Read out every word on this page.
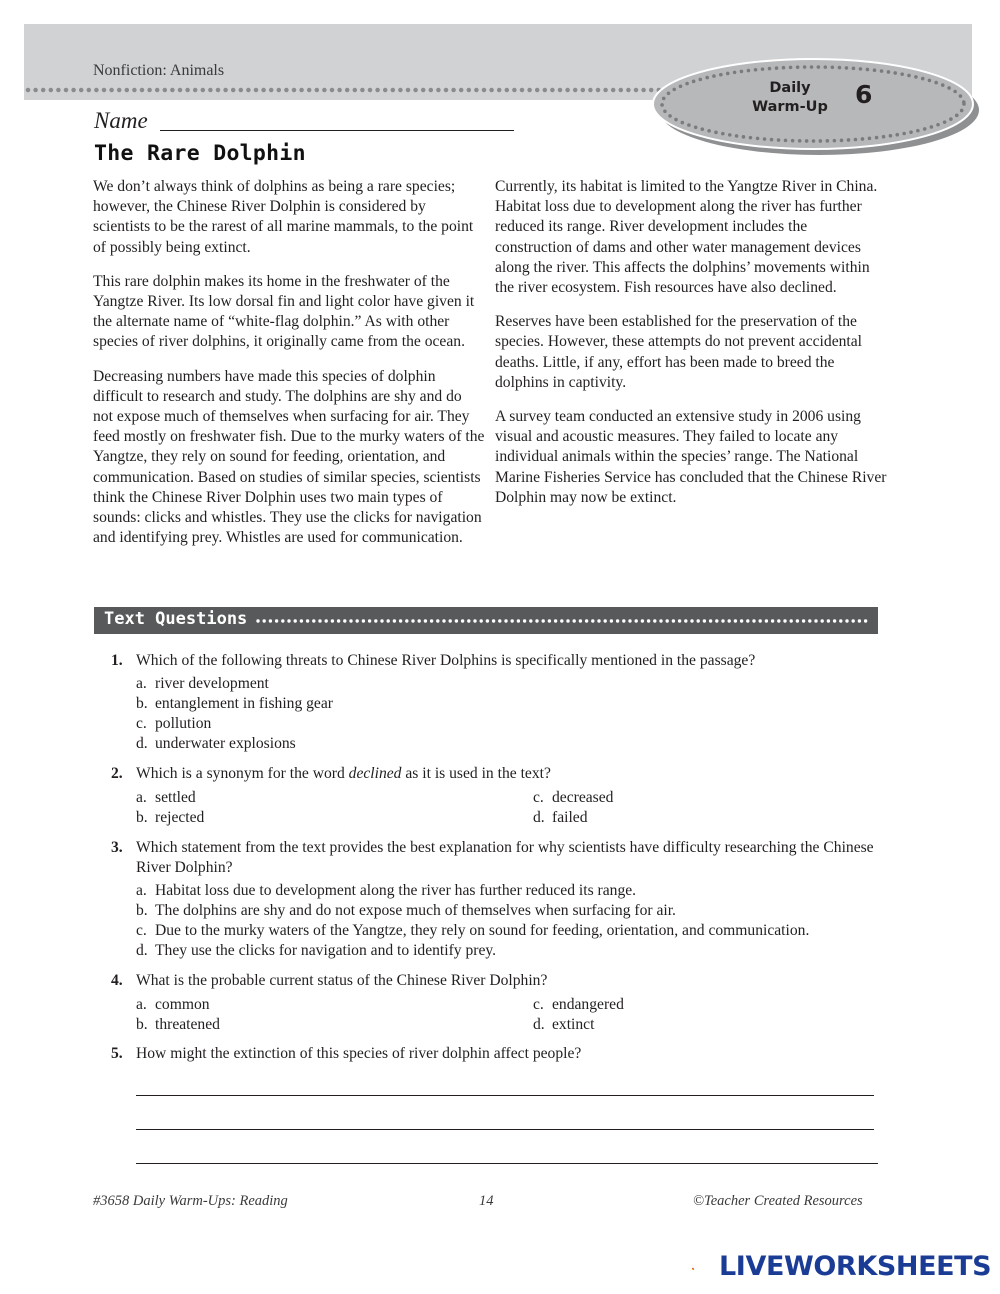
Nonfiction: Animals
Daily
Warm-Up	6
Name
The Rare Dolphin

We don’t always think of dolphins as being a rare species; however, the Chinese River Dolphin is considered by scientists to be the rarest of all marine mammals, to the point of possibly being extinct.

This rare dolphin makes its home in the freshwater of the Yangtze River. Its low dorsal fin and light color have given it the alternate name of “white-flag dolphin.” As with other species of river dolphins, it originally came from the ocean.

Decreasing numbers have made this species of dolphin difficult to research and study. The dolphins are shy and do not expose much of themselves when surfacing for air. They feed mostly on freshwater fish. Due to the murky waters of the Yangtze, they rely on sound for feeding, orientation, and communication. Based on studies of similar species, scientists think the Chinese River Dolphin uses two main types of sounds: clicks and whistles. They use the clicks for navigation and identifying prey. Whistles are used for communication.

Currently, its habitat is limited to the Yangtze River in China. Habitat loss due to development along the river has further reduced its range. River development includes the construction of dams and other water management devices along the river. This affects the dolphins’ movements within the river ecosystem. Fish resources have also declined.

Reserves have been established for the preservation of the species. However, these attempts do not prevent accidental deaths. Little, if any, effort has been made to breed the dolphins in captivity.

A survey team conducted an extensive study in 2006 using visual and acoustic measures. They failed to locate any individual animals within the species’ range. The National Marine Fisheries Service has concluded that the Chinese River Dolphin may now be extinct.

Text Questions
1. Which of the following threats to Chinese River Dolphins is specifically mentioned in the passage?
a. river development
b. entanglement in fishing gear
c. pollution
d. underwater explosions
2. Which is a synonym for the word declined as it is used in the text?
a. settled
b. rejected
c. decreased
d. failed
3. Which statement from the text provides the best explanation for why scientists have difficulty researching the Chinese River Dolphin?
a. Habitat loss due to development along the river has further reduced its range.
b. The dolphins are shy and do not expose much of themselves when surfacing for air.
c. Due to the murky waters of the Yangtze, they rely on sound for feeding, orientation, and communication.
d. They use the clicks for navigation and to identify prey.
4. What is the probable current status of the Chinese River Dolphin?
a. common
b. threatened
c. endangered
d. extinct
5. How might the extinction of this species of river dolphin affect people?
#3658 Daily Warm-Ups: Reading	14	©Teacher Created Resources
LIVEWORKSHEETS
